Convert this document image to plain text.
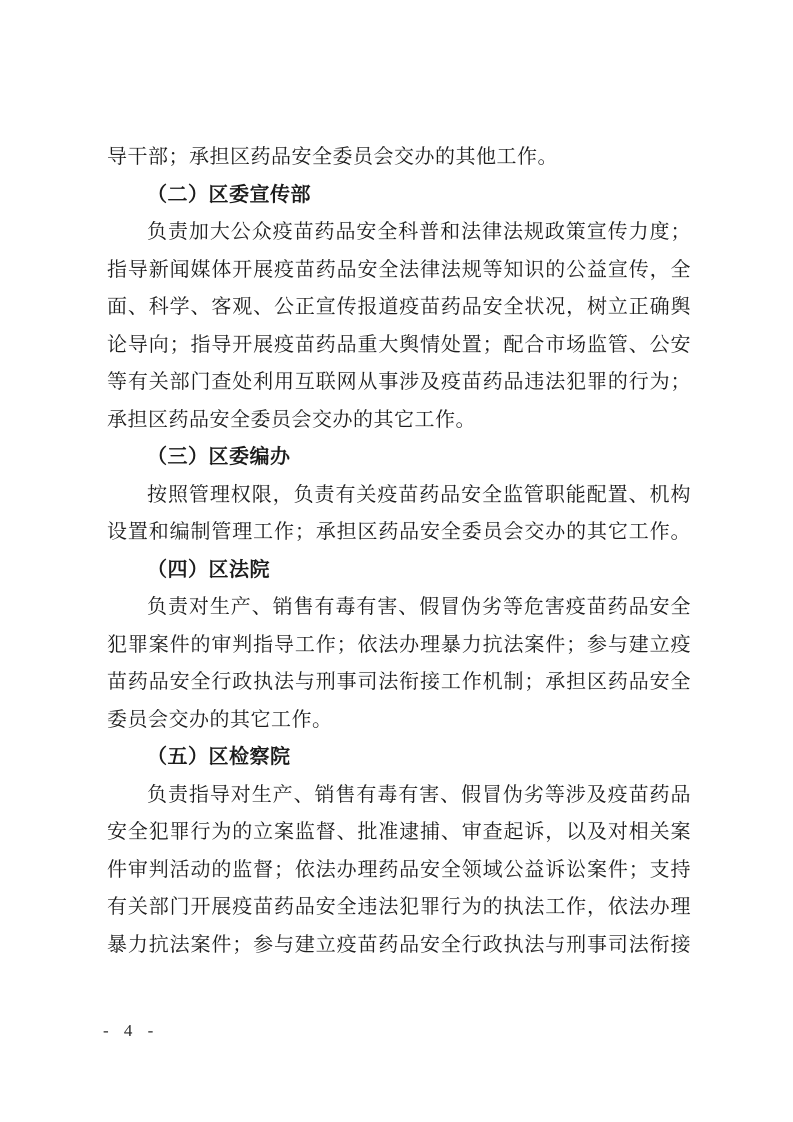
导干部；承担区药品安全委员会交办的其他工作。
（二）区委宣传部
负责加大公众疫苗药品安全科普和法律法规政策宣传力度；
指导新闻媒体开展疫苗药品安全法律法规等知识的公益宣传，全
面、科学、客观、公正宣传报道疫苗药品安全状况，树立正确舆
论导向；指导开展疫苗药品重大舆情处置；配合市场监管、公安
等有关部门查处利用互联网从事涉及疫苗药品违法犯罪的行为；
承担区药品安全委员会交办的其它工作。
（三）区委编办
按照管理权限，负责有关疫苗药品安全监管职能配置、机构
设置和编制管理工作；承担区药品安全委员会交办的其它工作。
（四）区法院
负责对生产、销售有毒有害、假冒伪劣等危害疫苗药品安全
犯罪案件的审判指导工作；依法办理暴力抗法案件；参与建立疫
苗药品安全行政执法与刑事司法衔接工作机制；承担区药品安全
委员会交办的其它工作。
（五）区检察院
负责指导对生产、销售有毒有害、假冒伪劣等涉及疫苗药品
安全犯罪行为的立案监督、批准逮捕、审查起诉，以及对相关案
件审判活动的监督；依法办理药品安全领域公益诉讼案件；支持
有关部门开展疫苗药品安全违法犯罪行为的执法工作，依法办理
暴力抗法案件；参与建立疫苗药品安全行政执法与刑事司法衔接
- 4 -
